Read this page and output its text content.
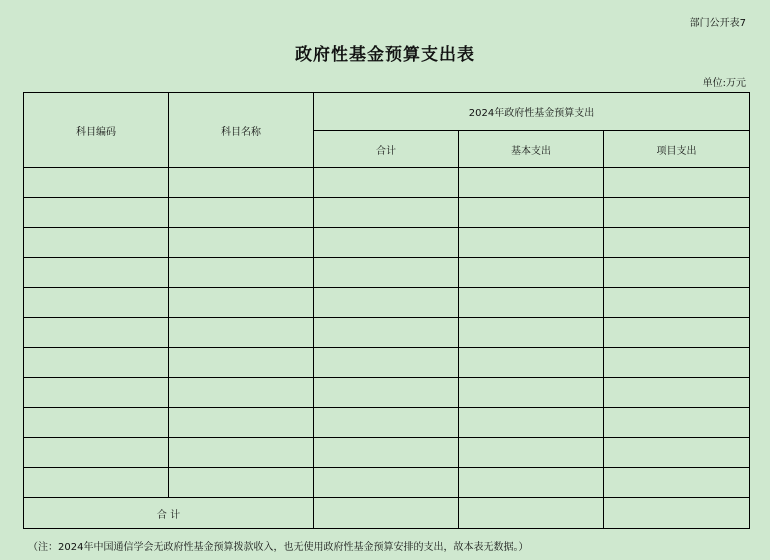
部门公开表7
政府性基金预算支出表
单位:万元
科目编码	科目名称	2024年政府性基金预算支出		
		合计	基本支出	项目支出

合 计				
（注：2024年中国通信学会无政府性基金预算拨款收入，也无使用政府性基金预算安排的支出，故本表无数据。）
